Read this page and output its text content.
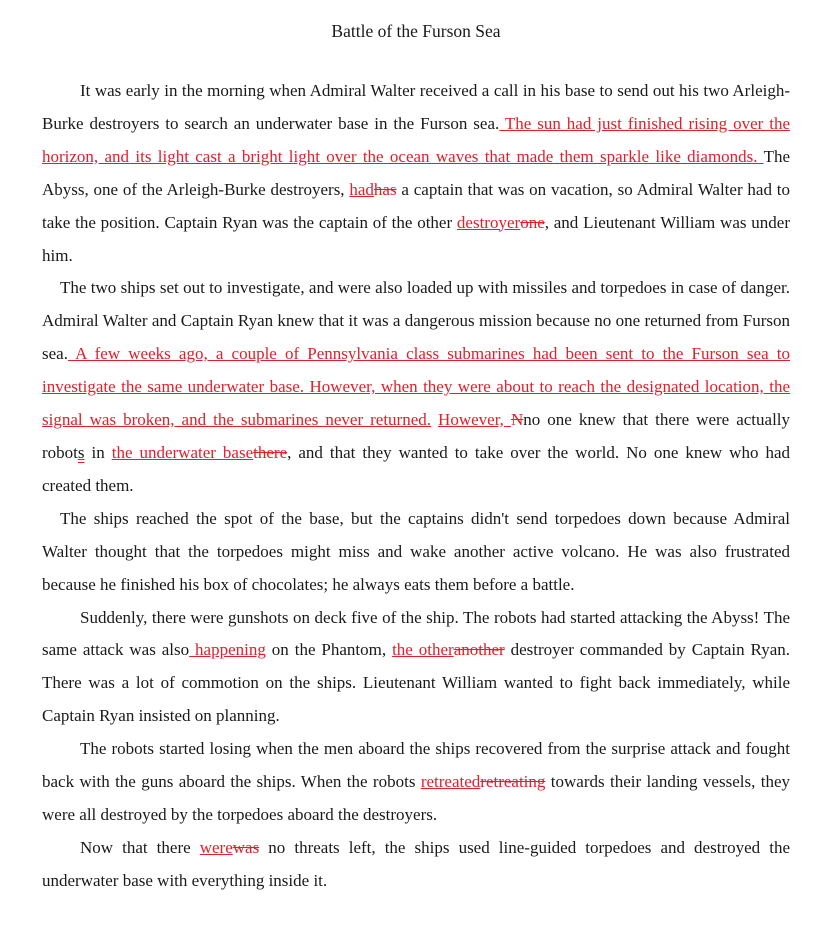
Battle of the Furson Sea

It was early in the morning when Admiral Walter received a call in his base to send out his two Arleigh-Burke destroyers to search an underwater base in the Furson sea. The sun had just finished rising over the horizon, and its light cast a bright light over the ocean waves that made them sparkle like diamonds. The Abyss, one of the Arleigh-Burke destroyers, hadhas a captain that was on vacation, so Admiral Walter had to take the position. Captain Ryan was the captain of the other destroyerone, and Lieutenant William was under him.

The two ships set out to investigate, and were also loaded up with missiles and torpedoes in case of danger. Admiral Walter and Captain Ryan knew that it was a dangerous mission because no one returned from Furson sea. A few weeks ago, a couple of Pennsylvania class submarines had been sent to the Furson sea to investigate the same underwater base. However, when they were about to reach the designated location, the signal was broken, and the submarines never returned. However, Nno one knew that there were actually robots in the underwater basethere, and that they wanted to take over the world. No one knew who had created them.

The ships reached the spot of the base, but the captains didn't send torpedoes down because Admiral Walter thought that the torpedoes might miss and wake another active volcano. He was also frustrated because he finished his box of chocolates; he always eats them before a battle.

Suddenly, there were gunshots on deck five of the ship. The robots had started attacking the Abyss! The same attack was also happening on the Phantom, the otheranother destroyer commanded by Captain Ryan. There was a lot of commotion on the ships. Lieutenant William wanted to fight back immediately, while Captain Ryan insisted on planning.

The robots started losing when the men aboard the ships recovered from the surprise attack and fought back with the guns aboard the ships. When the robots retreatedretreating towards their landing vessels, they were all destroyed by the torpedoes aboard the destroyers.

Now that there werewas no threats left, the ships used line-guided torpedoes and destroyed the underwater base with everything inside it.
